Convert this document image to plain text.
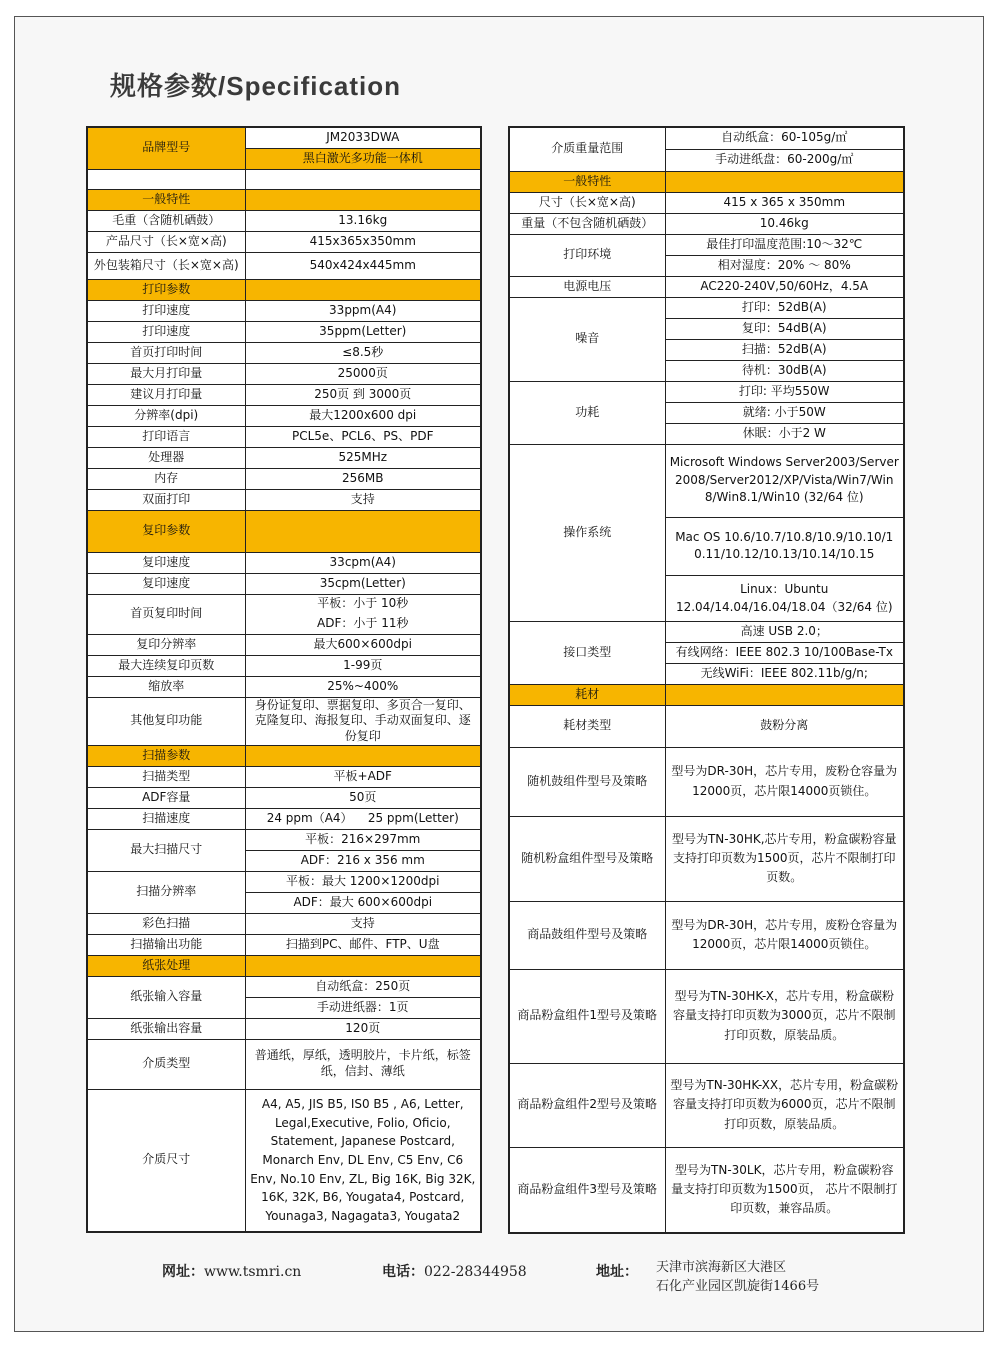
规格参数/Specification
品牌型号	JM2033DWA
	黑白激光多功能一体机

一般特性	
毛重（含随机硒鼓）	13.16kg
产品尺寸（长×宽×高)	415x365x350mm
外包装箱尺寸（长×宽×高)	540x424x445mm
打印参数	
打印速度	33ppm(A4)
打印速度	35ppm(Letter)
首页打印时间	≤8.5秒
最大月打印量	25000页
建议月打印量	250页 到 3000页
分辨率(dpi)	最大1200x600 dpi
打印语言	PCL5e、PCL6、PS、PDF
处理器	525MHz
内存	256MB
双面打印	支持
复印参数	
复印速度	33cpm(A4)
复印速度	35cpm(Letter)
首页复印时间	平板：小于 10秒
	ADF：小于 11秒
复印分辨率	最大600×600dpi
最大连续复印页数	1-99页
缩放率	25%~400%
其他复印功能	身份证复印、票据复印、多页合一复印、克隆复印、海报复印、手动双面复印、逐份复印
扫描参数	
扫描类型	平板+ADF
ADF容量	50页
扫描速度	24 ppm（A4）    25 ppm(Letter)
最大扫描尺寸	平板：216×297mm
	ADF：216 x 356 mm
扫描分辨率	平板：最大 1200×1200dpi
	ADF：最大 600×600dpi
彩色扫描	支持
扫描输出功能	扫描到PC、邮件、FTP、U盘
纸张处理	
纸张输入容量	自动纸盒：250页
	手动进纸器：1页
纸张输出容量	120页
介质类型	普通纸，厚纸，透明胶片，卡片纸，标签纸，信封、薄纸
介质尺寸	A4, A5, JIS B5, IS0 B5 , A6, Letter, Legal,Executive, Folio, Oficio, Statement, Japanese Postcard, Monarch Env, DL Env, C5 Env, C6 Env, No.10 Env, ZL, Big 16K, Big 32K, 16K, 32K, B6, Yougata4, Postcard, Younaga3, Nagagata3, Yougata2
介质重量范围	自动纸盒：60-105g/㎡
	手动进纸盘：60-200g/㎡
一般特性	
尺寸（长×宽×高)	415 x 365 x 350mm
重量（不包含随机硒鼓）	10.46kg
打印环境	最佳打印温度范围:10～32℃
	相对湿度：20% ～ 80%
电源电压	AC220-240V,50/60Hz，4.5A
噪音	打印：52dB(A)
	复印：54dB(A)
	扫描：52dB(A)
	待机：30dB(A)
功耗	打印: 平均550W
	就绪: 小于50W
	休眠：小于2 W
操作系统	Microsoft Windows Server2003/Server2008/Server2012/XP/Vista/Win7/Win8/Win8.1/Win10 (32/64 位)
	Mac OS 10.6/10.7/10.8/10.9/10.10/10.11/10.12/10.13/10.14/10.15
	Linux：Ubuntu 12.04/14.04/16.04/18.04（32/64 位)
接口类型	高速 USB 2.0；
	有线网络：IEEE 802.3 10/100Base-Tx
	无线WiFi：IEEE 802.11b/g/n;
耗材	
耗材类型	鼓粉分离
随机鼓组件型号及策略	型号为DR-30H，芯片专用，废粉仓容量为12000页，芯片限14000页锁住。
随机粉盒组件型号及策略	型号为TN-30HK,芯片专用，粉盒碳粉容量支持打印页数为1500页，芯片不限制打印页数。
商品鼓组件型号及策略	型号为DR-30H，芯片专用，废粉仓容量为12000页，芯片限14000页锁住。
商品粉盒组件1型号及策略	型号为TN-30HK-X，芯片专用，粉盒碳粉容量支持打印页数为3000页，芯片不限制打印页数，原装品质。
商品粉盒组件2型号及策略	型号为TN-30HK-XX，芯片专用，粉盒碳粉容量支持打印页数为6000页，芯片不限制打印页数，原装品质。
商品粉盒组件3型号及策略	型号为TN-30LK，芯片专用，粉盒碳粉容量支持打印页数为1500页， 芯片不限制打印页数，兼容品质。
网址：www.tsmri.cn	电话：022-28344958	地址： 天津市滨海新区大港区
石化产业园区凯旋街1466号
